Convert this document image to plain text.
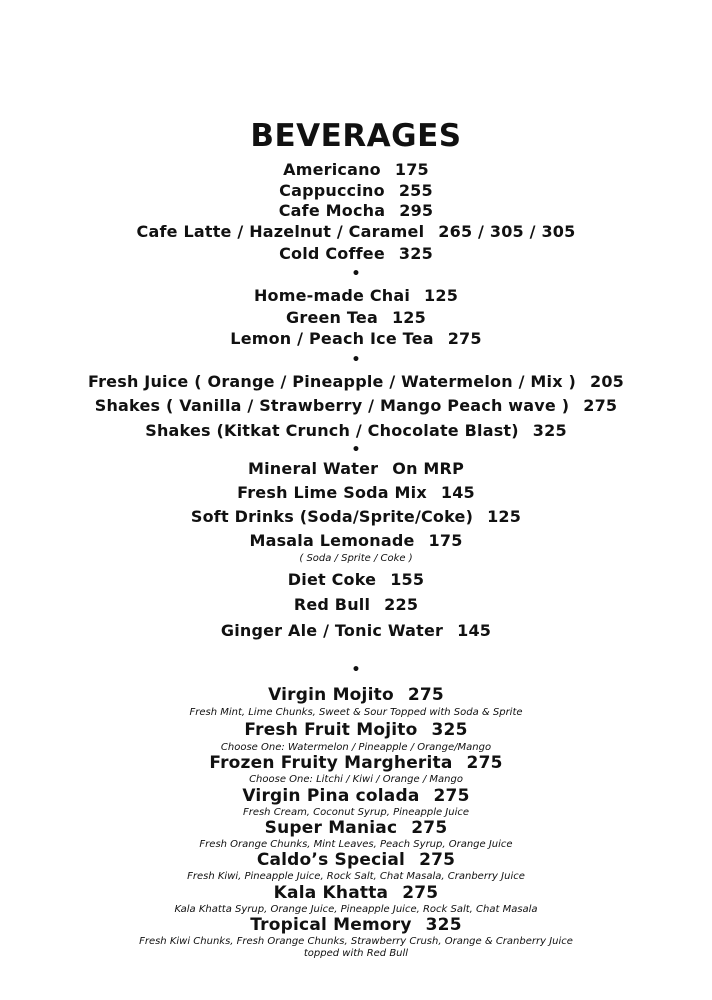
BEVERAGES
Americano 175
Cappuccino 255
Cafe Mocha 295
Cafe Latte / Hazelnut / Caramel 265 / 305 / 305
Cold Coffee 325
•
Home-made Chai 125
Green Tea 125
Lemon / Peach Ice Tea 275
•
Fresh Juice ( Orange / Pineapple / Watermelon / Mix ) 205
Shakes ( Vanilla / Strawberry / Mango Peach wave ) 275
Shakes (Kitkat Crunch / Chocolate Blast) 325
•
Mineral Water On MRP
Fresh Lime Soda Mix 145
Soft Drinks (Soda/Sprite/Coke) 125
Masala Lemonade 175
( Soda / Sprite / Coke )
Diet Coke 155
Red Bull 225
Ginger Ale / Tonic Water 145
•
Virgin Mojito 275
Fresh Mint, Lime Chunks, Sweet & Sour Topped with Soda & Sprite
Fresh Fruit Mojito 325
Choose One: Watermelon / Pineapple / Orange/Mango
Frozen Fruity Margherita 275
Choose One: Litchi / Kiwi / Orange / Mango
Virgin Pina colada 275
Fresh Cream, Coconut Syrup, Pineapple Juice
Super Maniac 275
Fresh Orange Chunks, Mint Leaves, Peach Syrup, Orange Juice
Caldo’s Special 275
Fresh Kiwi, Pineapple Juice, Rock Salt, Chat Masala, Cranberry Juice
Kala Khatta 275
Kala Khatta Syrup, Orange Juice, Pineapple Juice, Rock Salt, Chat Masala
Tropical Memory 325
Fresh Kiwi Chunks, Fresh Orange Chunks, Strawberry Crush, Orange & Cranberry Juice
topped with Red Bull
